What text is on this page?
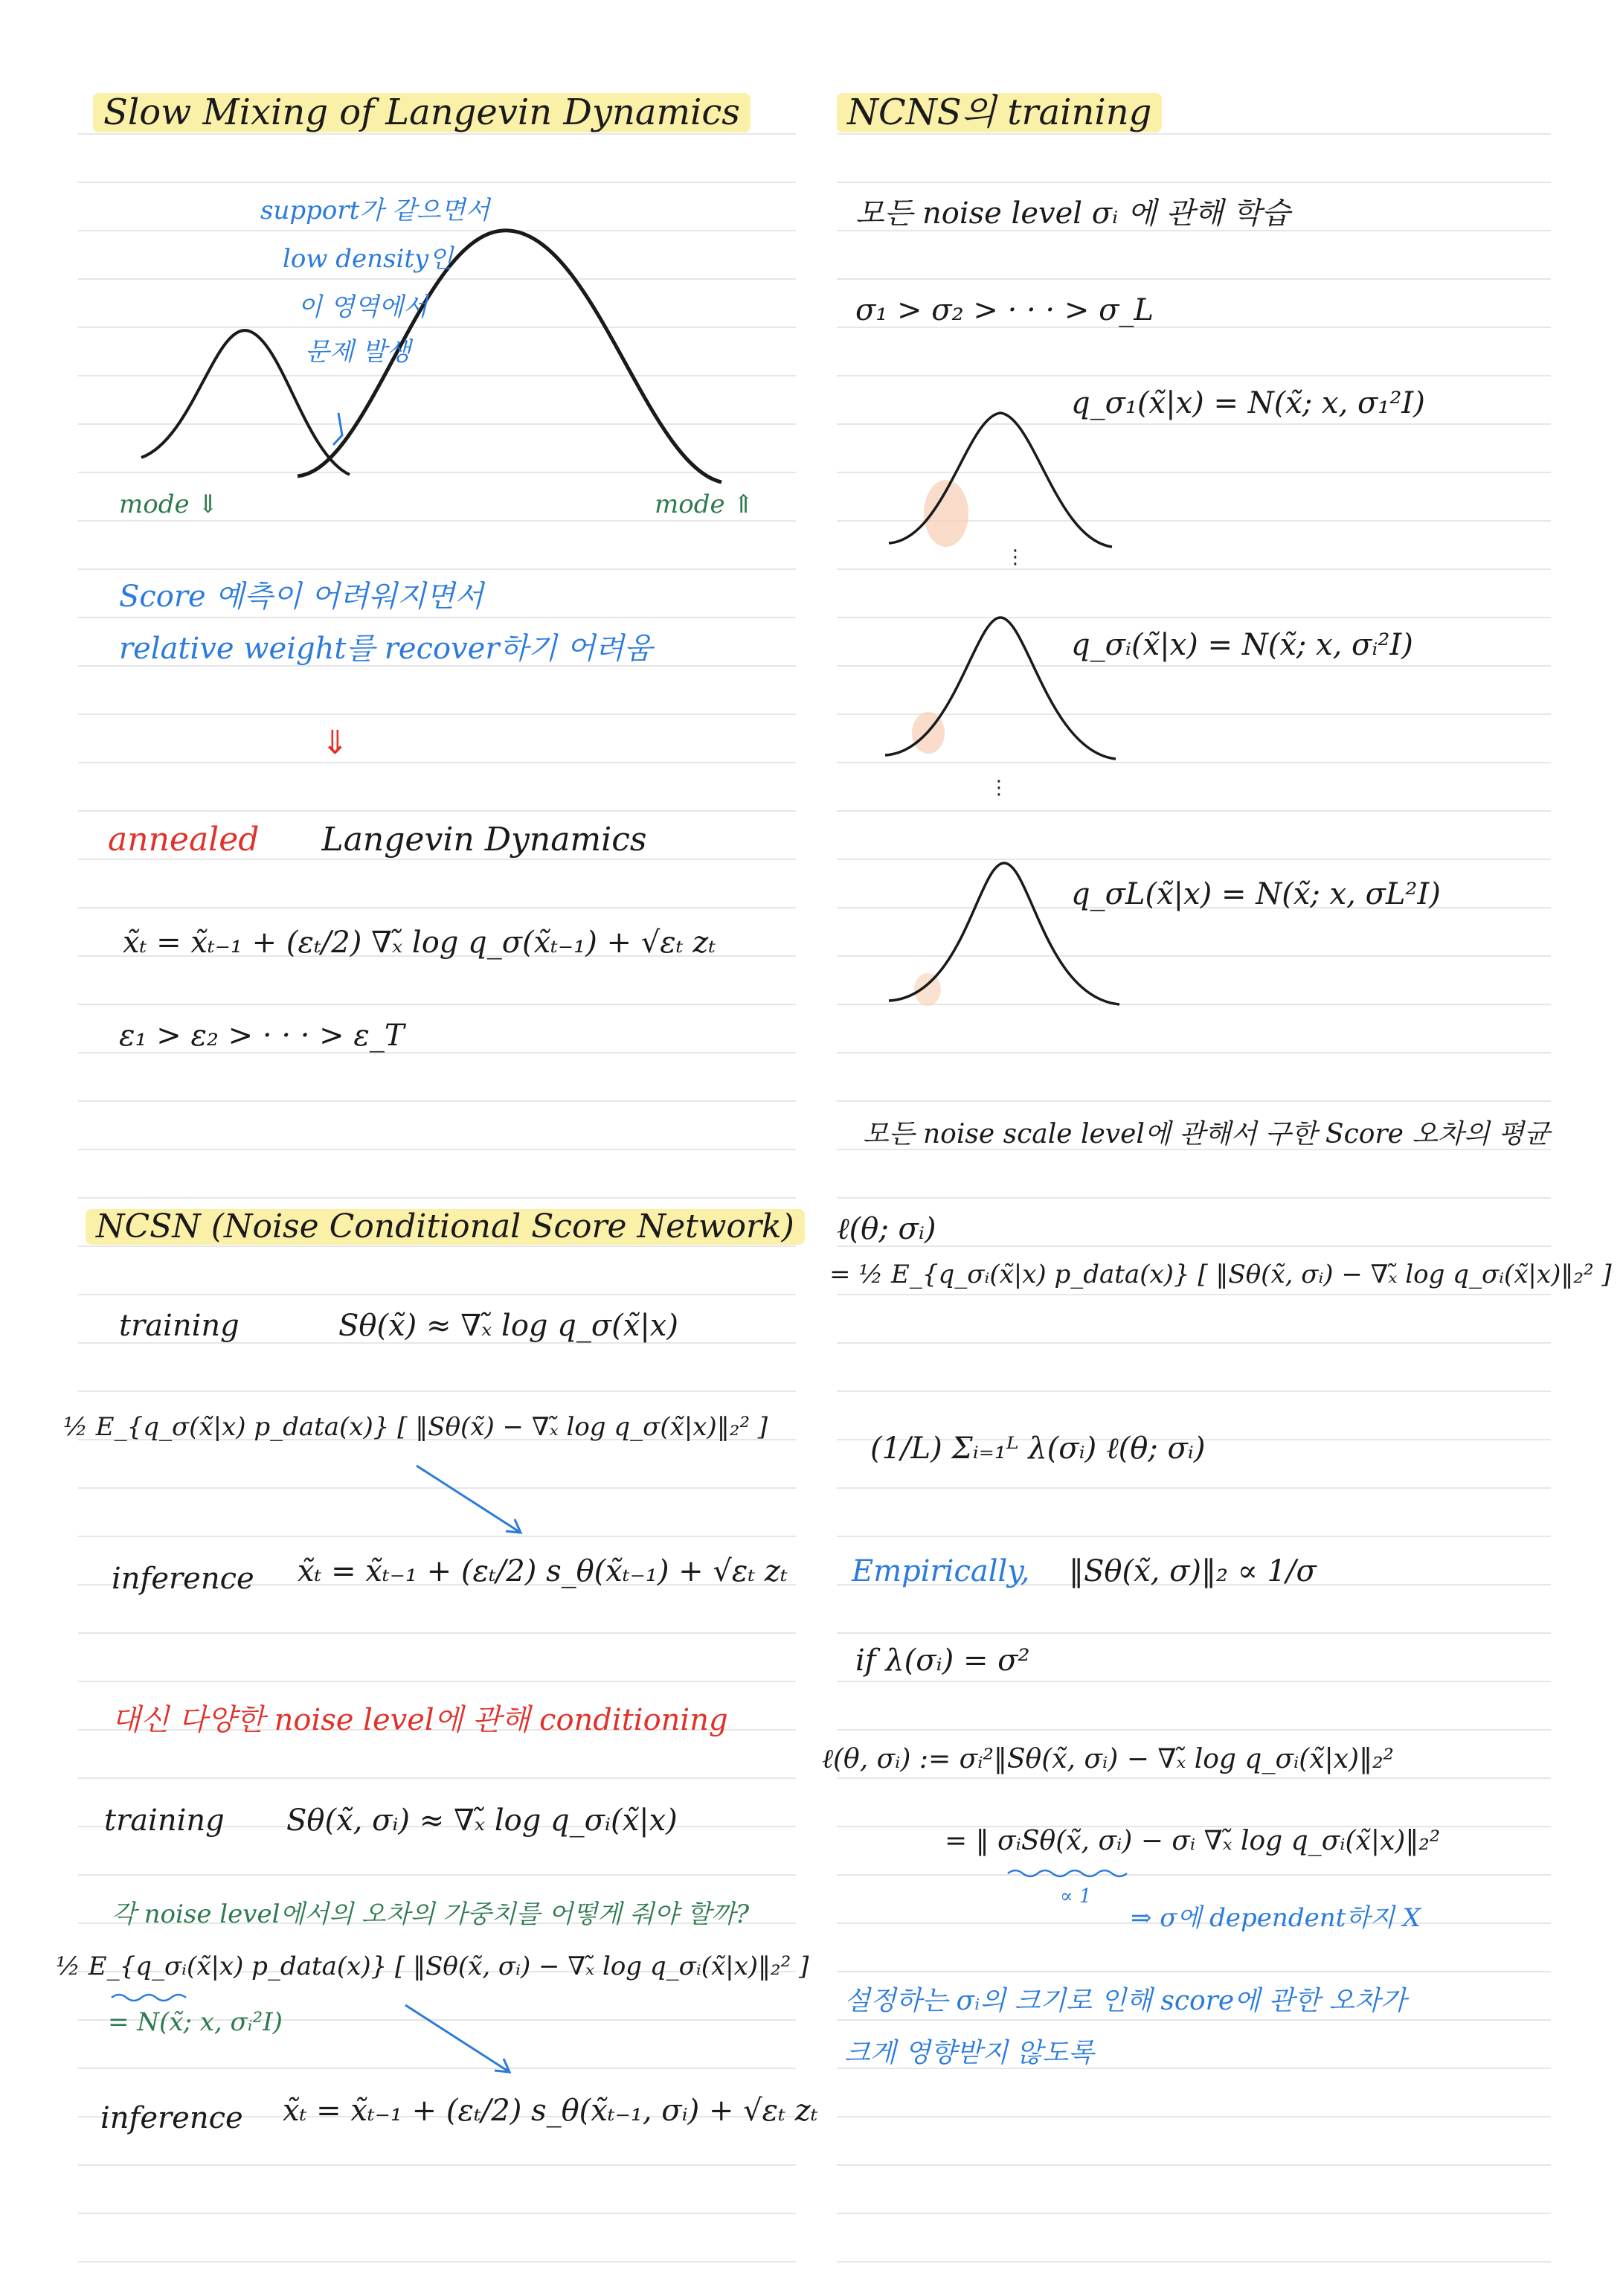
Slow Mixing of Langevin Dynamics
support가 같으면서
low density인
이 영역에서
문제 발생
mode ⇓	mode ⇑
Score 예측이 어려워지면서
relative weight를 recover하기 어려움
⇓
annealed Langevin Dynamics
x̃ₜ = x̃ₜ₋₁ + (εₜ/2) ∇ₓ̃ log q_σ(x̃ₜ₋₁) + √εₜ zₜ
ε₁ > ε₂ > · · · > ε_T
NCSN (Noise Conditional Score Network)
training	Sθ(x̃) ≈ ∇ₓ̃ log q_σ(x̃|x)
½ E_{q_σ(x̃|x) p_data(x)} [ ‖Sθ(x̃) − ∇ₓ̃ log q_σ(x̃|x)‖₂² ]
inference x̃ₜ = x̃ₜ₋₁ + (εₜ/2) s_θ(x̃ₜ₋₁) + √εₜ zₜ
대신 다양한 noise level에 관해 conditioning
training Sθ(x̃, σᵢ) ≈ ∇ₓ̃ log q_σᵢ(x̃|x)
각 noise level에서의 오차의 가중치를 어떻게 줘야 할까?
½ E_{q_σᵢ(x̃|x) p_data(x)} [ ‖Sθ(x̃, σᵢ) − ∇ₓ̃ log q_σᵢ(x̃|x)‖₂² ]
= N(x̃; x, σᵢ²I)
inference x̃ₜ = x̃ₜ₋₁ + (εₜ/2) s_θ(x̃ₜ₋₁, σᵢ) + √εₜ zₜ
NCNS의 training
모든 noise level σᵢ 에 관해 학습
σ₁ > σ₂ > · · · > σ_L
q_σ₁(x̃|x) = N(x̃; x, σ₁²I)
⋮
q_σᵢ(x̃|x) = N(x̃; x, σᵢ²I)
⋮
q_σL(x̃|x) = N(x̃; x, σL²I)
모든 noise scale level에 관해서 구한 Score 오차의 평균
ℓ(θ; σᵢ)
= ½ E_{q_σᵢ(x̃|x) p_data(x)} [ ‖Sθ(x̃, σᵢ) − ∇ₓ̃ log q_σᵢ(x̃|x)‖₂² ]
(1/L) Σᵢ₌₁ᴸ λ(σᵢ) ℓ(θ; σᵢ)
Empirically, ‖Sθ(x̃, σ)‖₂ ∝ 1/σ
if λ(σᵢ) = σ²
ℓ(θ, σᵢ) := σᵢ²‖Sθ(x̃, σᵢ) − ∇ₓ̃ log q_σᵢ(x̃|x)‖₂²
= ‖ σᵢSθ(x̃, σᵢ) − σᵢ ∇ₓ̃ log q_σᵢ(x̃|x)‖₂²
∝ 1
⇒ σ에 dependent하지 X
설정하는 σᵢ의 크기로 인해 score에 관한 오차가
크게 영향받지 않도록
